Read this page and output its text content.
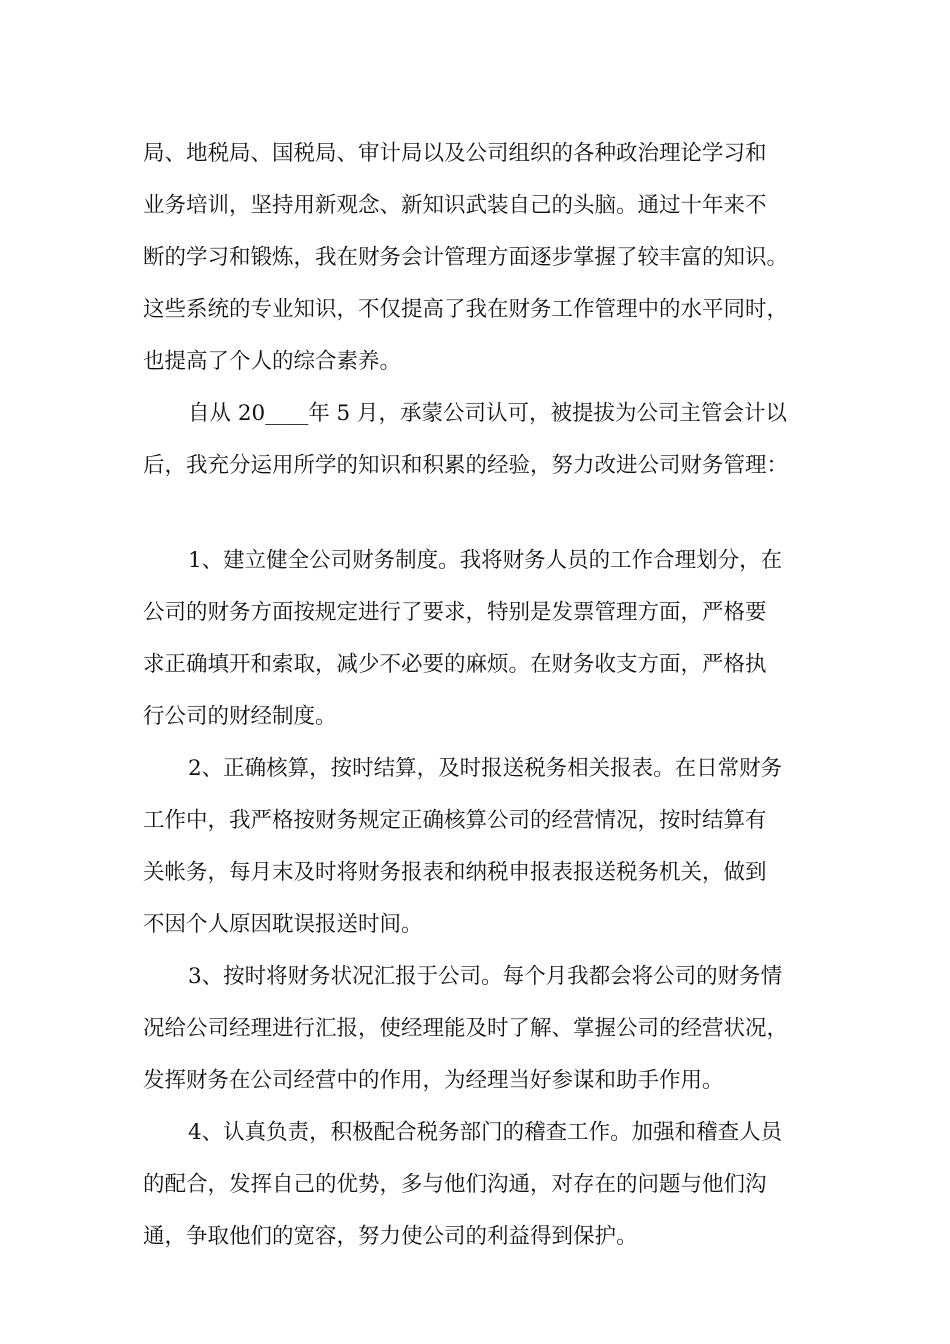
局、地税局、国税局、审计局以及公司组织的各种政治理论学习和
业务培训，坚持用新观念、新知识武装自己的头脑。通过十年来不
断的学习和锻炼，我在财务会计管理方面逐步掌握了较丰富的知识。
这些系统的专业知识，不仅提高了我在财务工作管理中的水平同时，
也提高了个人的综合素养。
自从 20____年 5 月，承蒙公司认可，被提拔为公司主管会计以
后，我充分运用所学的知识和积累的经验，努力改进公司财务管理：
1、建立健全公司财务制度。我将财务人员的工作合理划分，在
公司的财务方面按规定进行了要求，特别是发票管理方面，严格要
求正确填开和索取，减少不必要的麻烦。在财务收支方面，严格执
行公司的财经制度。
2、正确核算，按时结算，及时报送税务相关报表。在日常财务
工作中，我严格按财务规定正确核算公司的经营情况，按时结算有
关帐务，每月末及时将财务报表和纳税申报表报送税务机关，做到
不因个人原因耽误报送时间。
3、按时将财务状况汇报于公司。每个月我都会将公司的财务情
况给公司经理进行汇报，使经理能及时了解、掌握公司的经营状况，
发挥财务在公司经营中的作用，为经理当好参谋和助手作用。
4、认真负责，积极配合税务部门的稽查工作。加强和稽查人员
的配合，发挥自己的优势，多与他们沟通，对存在的问题与他们沟
通，争取他们的宽容，努力使公司的利益得到保护。
